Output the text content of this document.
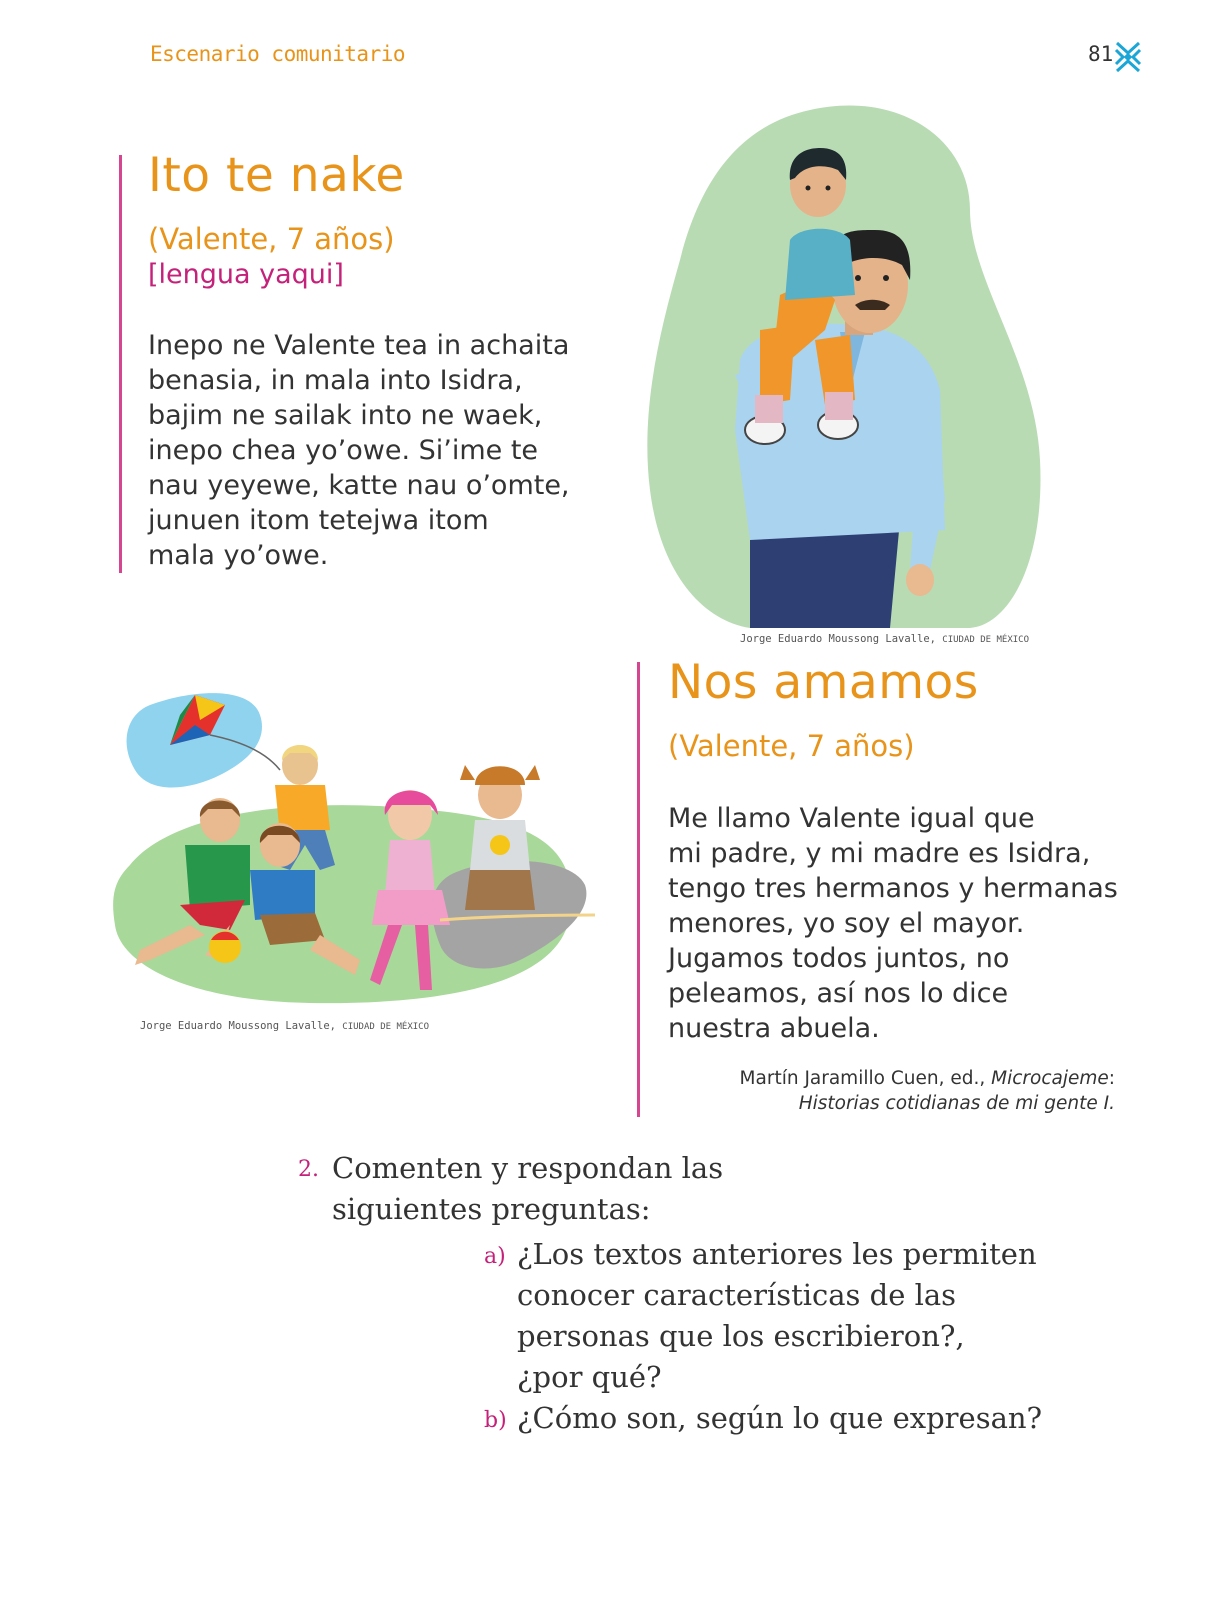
Escenario comunitario	81
Ito te nake
(Valente, 7 años)
[lengua yaqui]
Inepo ne Valente tea in achaita
benasia, in mala into Isidra,
bajim ne sailak into ne waek,
inepo chea yo’owe. Si’ime te
nau yeyewe, katte nau o’omte,
junuen itom tetejwa itom
mala yo’owe.
Jorge Eduardo Moussong Lavalle, CIUDAD DE MÉXICO
Jorge Eduardo Moussong Lavalle, CIUDAD DE MÉXICO
Nos amamos
(Valente, 7 años)
Me llamo Valente igual que
mi padre, y mi madre es Isidra,
tengo tres hermanos y hermanas
menores, yo soy el mayor.
Jugamos todos juntos, no
peleamos, así nos lo dice
nuestra abuela.
Martín Jaramillo Cuen, ed., Microcajeme:
Historias cotidianas de mi gente I.
2. Comenten y respondan las
siguientes preguntas:
a) ¿Los textos anteriores les permiten
conocer características de las
personas que los escribieron?,
¿por qué?
b) ¿Cómo son, según lo que expresan?
